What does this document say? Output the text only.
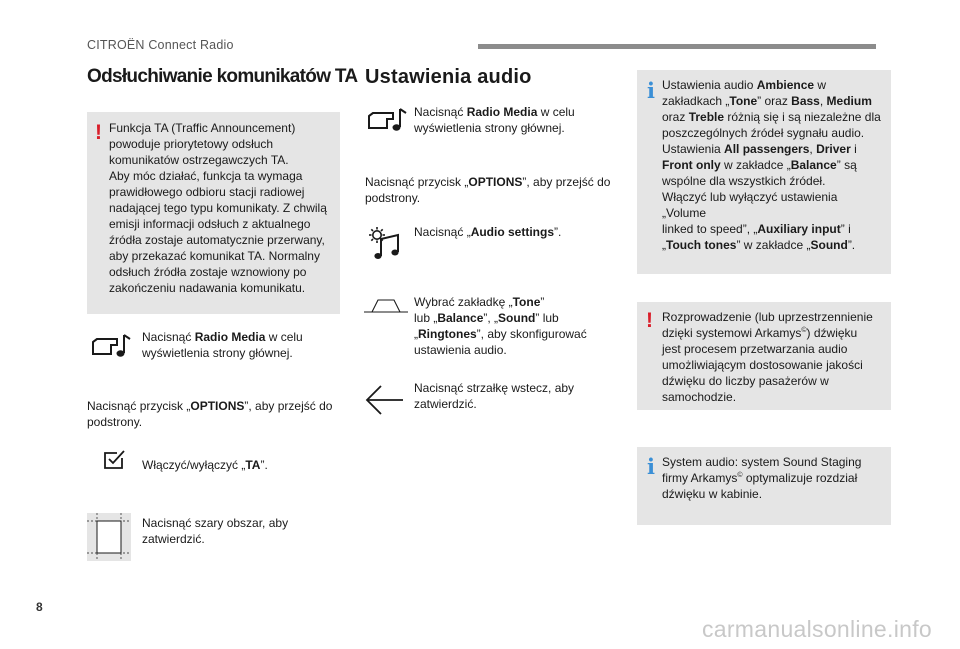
CITROËN Connect Radio
Odsłuchiwanie komunikatów TA
! Funkcja TA (Traffic Announcement)
powoduje priorytetowy odsłuch
komunikatów ostrzegawczych TA.
Aby móc działać, funkcja ta wymaga
prawidłowego odbioru stacji radiowej
nadającej tego typu komunikaty. Z chwilą
emisji informacji odsłuch z aktualnego
źródła zostaje automatycznie przerwany,
aby przekazać komunikat TA. Normalny
odsłuch źródła zostaje wznowiony po
zakończeniu nadawania komunikatu.

Nacisnąć Radio Media w celu
wyświetlenia strony głównej.
Nacisnąć przycisk „OPTIONS”, aby przejść do
podstrony.
Włączyć/wyłączyć „TA”.
Nacisnąć szary obszar, aby
zatwierdzić.
Ustawienia audio
Nacisnąć Radio Media w celu
wyświetlenia strony głównej.
Nacisnąć przycisk „OPTIONS”, aby przejść do
podstrony.
Nacisnąć „Audio settings”.
Wybrać zakładkę „Tone”
lub „Balance”, „Sound” lub
„Ringtones”, aby skonfigurować
ustawienia audio.
Nacisnąć strzałkę wstecz, aby
zatwierdzić.
i Ustawienia audio Ambience w
zakładkach „Tone” oraz Bass, Medium
oraz Treble różnią się i są niezależne dla
poszczególnych źródeł sygnału audio.
Ustawienia All passengers, Driver i
Front only w zakładce „Balance” są
wspólne dla wszystkich źródeł.
Włączyć lub wyłączyć ustawienia „Volume
linked to speed”, „Auxiliary input” i
„Touch tones” w zakładce „Sound”.

! Rozprowadzenie (lub uprzestrzennienie
dzięki systemowi Arkamys©) dźwięku
jest procesem przetwarzania audio
umożliwiającym dostosowanie jakości
dźwięku do liczby pasażerów w
samochodzie.

i System audio: system Sound Staging
firmy Arkamys© optymalizuje rozdział
dźwięku w kabinie.

8
carmanualsonline.info
